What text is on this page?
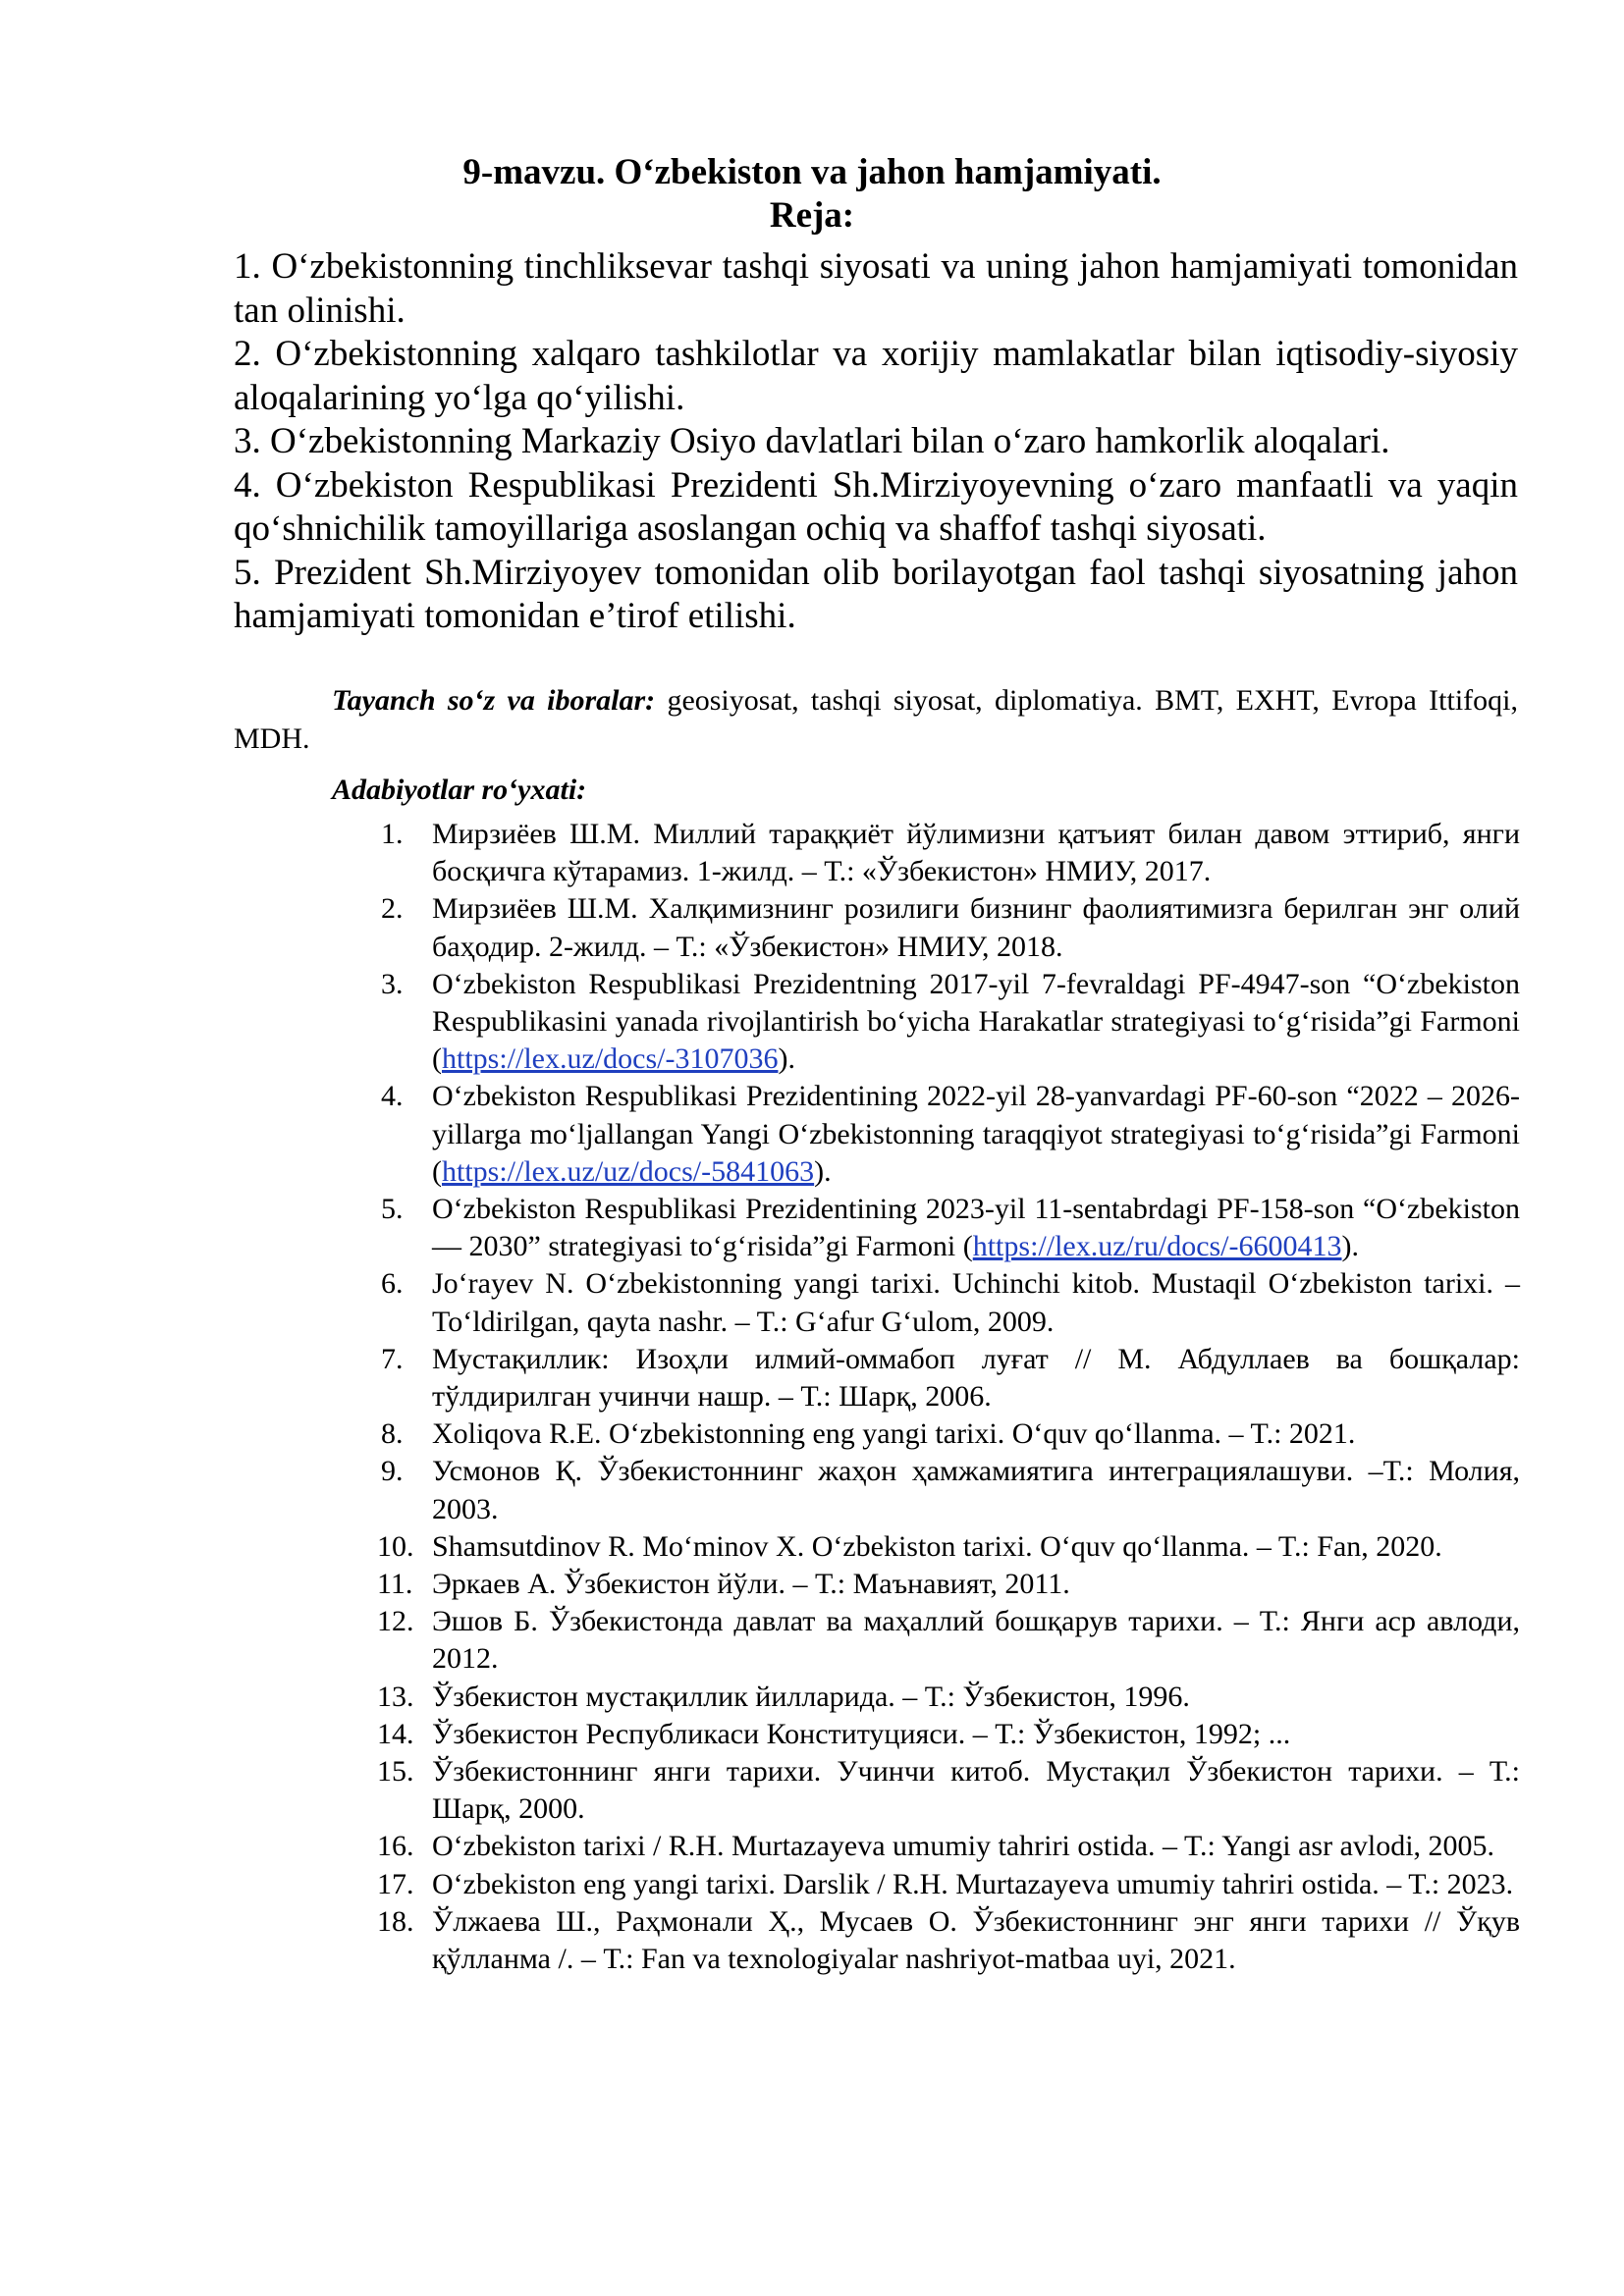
9-mavzu. O‘zbekiston va jahon hamjamiyati.
Reja:

1. O‘zbekistonning tinchliksevar tashqi siyosati va uning jahon hamjamiyati tomonidan tan olinishi.

2. O‘zbekistonning xalqaro tashkilotlar va xorijiy mamlakatlar bilan iqtisodiy-siyosiy aloqalarining yo‘lga qo‘yilishi.

3. O‘zbekistonning Markaziy Osiyo davlatlari bilan o‘zaro hamkorlik aloqalari.

4. O‘zbekiston Respublikasi Prezidenti Sh.Mirziyoyevning o‘zaro manfaatli va yaqin qo‘shnichilik tamoyillariga asoslangan ochiq va shaffof tashqi siyosati.

5. Prezident Sh.Mirziyoyev tomonidan olib borilayotgan faol tashqi siyosatning jahon hamjamiyati tomonidan e’tirof etilishi.

Tayanch so‘z va iboralar: geosiyosat, tashqi siyosat, diplomatiya. BMT, EXHT, Evropa Ittifoqi, MDH.

Adabiyotlar ro‘yxati:
1. Мирзиёев Ш.М. Миллий тараққиёт йўлимизни қатъият билан давом эттириб, янги босқичга кўтарамиз. 1-жилд. – Т.: «Ўзбекистон» НМИУ, 2017.
2. Мирзиёев Ш.М. Халқимизнинг розилиги бизнинг фаолиятимизга берилган энг олий баҳодир. 2-жилд. – Т.: «Ўзбекистон» НМИУ, 2018.
3. O‘zbekiston Respublikasi Prezidentning 2017-yil 7-fevraldagi PF-4947-son “O‘zbekiston Respublikasini yanada rivojlantirish bo‘yicha Harakatlar strategiyasi to‘g‘risida”gi Farmoni (https://lex.uz/docs/-3107036).
4. O‘zbekiston Respublikasi Prezidentining 2022-yil 28-yanvardagi PF-60-son “2022 – 2026-yillarga mo‘ljallangan Yangi O‘zbekistonning taraqqiyot strategiyasi to‘g‘risida”gi Farmoni (https://lex.uz/uz/docs/-5841063).
5. O‘zbekiston Respublikasi Prezidentining 2023-yil 11-sentabrdagi PF-158-son “O‘zbekiston — 2030” strategiyasi to‘g‘risida”gi Farmoni (https://lex.uz/ru/docs/-6600413).
6. Jo‘rayev N. O‘zbekistonning yangi tarixi. Uchinchi kitob. Mustaqil O‘zbekiston tarixi. – To‘ldirilgan, qayta nashr. – T.: G‘afur G‘ulom, 2009.
7. Мустақиллик: Изоҳли илмий-оммабоп луғат // М. Абдуллаев ва бошқалар: тўлдирилган учинчи нашр. – Т.: Шарқ, 2006.
8. Xoliqova R.E. O‘zbekistonning eng yangi tarixi. O‘quv qo‘llanma. – T.: 2021.
9. Усмонов Қ. Ўзбекистоннинг жаҳон ҳамжамиятига интеграциялашуви. –Т.: Молия, 2003.
10. Shamsutdinov R. Mo‘minov X. O‘zbekiston tarixi. O‘quv qo‘llanma. – T.: Fan, 2020.
11. Эркаев А. Ўзбекистон йўли. – Т.: Маънавият, 2011.
12. Эшов Б. Ўзбекистонда давлат ва маҳаллий бошқарув тарихи. – Т.: Янги аср авлоди, 2012.
13. Ўзбекистон мустақиллик йилларида. – Т.: Ўзбекистон, 1996.
14. Ўзбекистон Республикаси Конституцияси. – Т.: Ўзбекистон, 1992; ...
15. Ўзбекистоннинг янги тарихи. Учинчи китоб. Мустақил Ўзбекистон тарихи. – Т.: Шарқ, 2000.
16. O‘zbekiston tarixi / R.H. Murtazayeva umumiy tahriri ostida. – T.: Yangi asr avlodi, 2005.
17. O‘zbekiston eng yangi tarixi. Darslik / R.H. Murtazayeva umumiy tahriri ostida. – T.: 2023.
18. Ўлжаева Ш., Раҳмонали Ҳ., Мусаев О. Ўзбекистоннинг энг янги тарихи // Ўқув қўлланма /. – Т.: Fan va texnologiyalar nashriyot-matbaa uyi, 2021.
